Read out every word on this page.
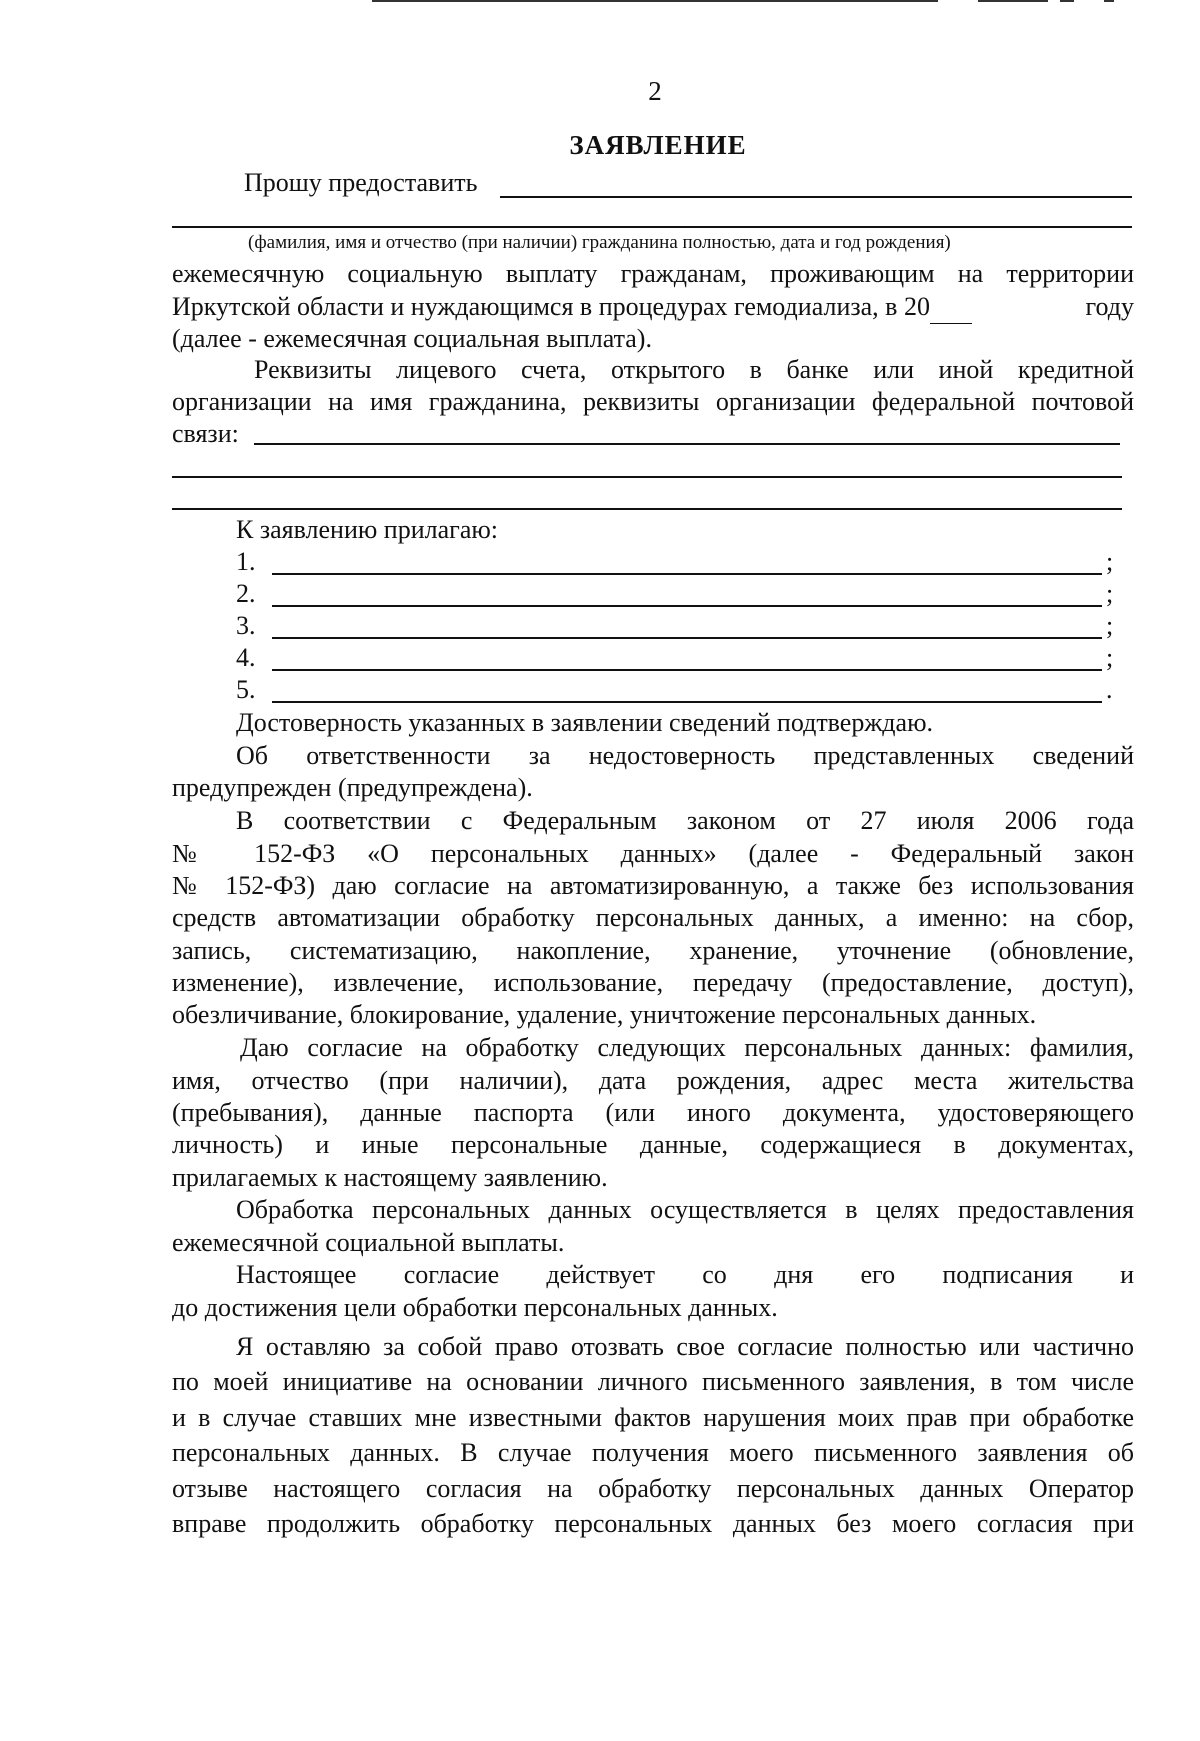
2
ЗАЯВЛЕНИЕ
Прошу предоставить
(фамилия, имя и отчество (при наличии) гражданина полностью, дата и год рождения)
ежемесячную социальную выплату гражданам, проживающим на территории
Иркутской области и нуждающимся в процедурах гемодиализа, в 20	году
(далее - ежемесячная социальная выплата).
Реквизиты лицевого счета, открытого в банке или иной кредитной
организации на имя гражданина, реквизиты организации федеральной почтовой
связи:
К заявлению прилагаю:
1.	;
2.	;
3.	;
4.	;
5.	.
Достоверность указанных в заявлении сведений подтверждаю.
Об ответственности за недостоверность представленных сведений
предупрежден (предупреждена).
В соответствии с Федеральным законом от 27 июля 2006 года
№ 152-ФЗ «О персональных данных» (далее - Федеральный закон
№ 152-ФЗ) даю согласие на автоматизированную, а также без использования
средств автоматизации обработку персональных данных, а именно: на сбор,
запись, систематизацию, накопление, хранение, уточнение (обновление,
изменение), извлечение, использование, передачу (предоставление, доступ),
обезличивание, блокирование, удаление, уничтожение персональных данных.
Даю согласие на обработку следующих персональных данных: фамилия,
имя, отчество (при наличии), дата рождения, адрес места жительства
(пребывания), данные паспорта (или иного документа, удостоверяющего
личность) и иные персональные данные, содержащиеся в документах,
прилагаемых к настоящему заявлению.
Обработка персональных данных осуществляется в целях предоставления
ежемесячной социальной выплаты.
Настоящее согласие действует со дня его подписания и
до достижения цели обработки персональных данных.
Я оставляю за собой право отозвать свое согласие полностью или частично
по моей инициативе на основании личного письменного заявления, в том числе
и в случае ставших мне известными фактов нарушения моих прав при обработке
персональных данных. В случае получения моего письменного заявления об
отзыве настоящего согласия на обработку персональных данных Оператор
вправе продолжить обработку персональных данных без моего согласия при
